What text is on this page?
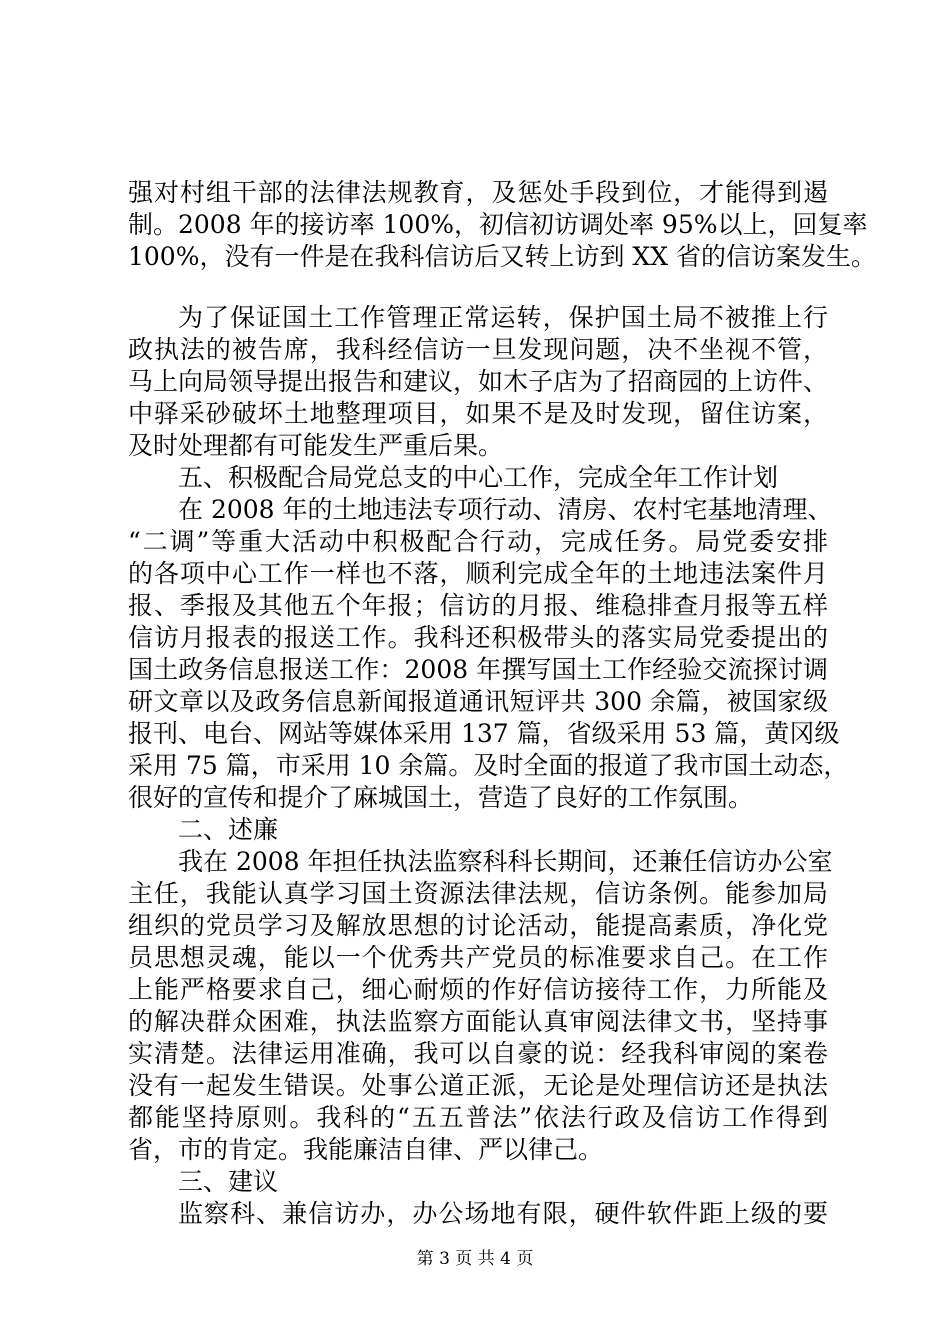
强对村组干部的法律法规教育，及惩处手段到位，才能得到遏
制。2008 年的接访率 100%，初信初访调处率 95%以上，回复率
100%，没有一件是在我科信访后又转上访到 XX 省的信访案发生。
为了保证国土工作管理正常运转，保护国土局不被推上行
政执法的被告席，我科经信访一旦发现问题，决不坐视不管，
马上向局领导提出报告和建议，如木子店为了招商园的上访件、
中驿采砂破坏土地整理项目，如果不是及时发现，留住访案，
及时处理都有可能发生严重后果。
五、积极配合局党总支的中心工作，完成全年工作计划
在 2008 年的土地违法专项行动、清房、农村宅基地清理、
“二调”等重大活动中积极配合行动，完成任务。局党委安排
的各项中心工作一样也不落，顺利完成全年的土地违法案件月
报、季报及其他五个年报；信访的月报、维稳排查月报等五样
信访月报表的报送工作。我科还积极带头的落实局党委提出的
国土政务信息报送工作：2008 年撰写国土工作经验交流探讨调
研文章以及政务信息新闻报道通讯短评共 300 余篇，被国家级
报刊、电台、网站等媒体采用 137 篇，省级采用 53 篇，黄冈级
采用 75 篇，市采用 10 余篇。及时全面的报道了我市国土动态，
很好的宣传和提介了麻城国土，营造了良好的工作氛围。
二、述廉
我在 2008 年担任执法监察科科长期间，还兼任信访办公室
主任，我能认真学习国土资源法律法规，信访条例。能参加局
组织的党员学习及解放思想的讨论活动，能提高素质，净化党
员思想灵魂，能以一个优秀共产党员的标准要求自己。在工作
上能严格要求自己，细心耐烦的作好信访接待工作，力所能及
的解决群众困难，执法监察方面能认真审阅法律文书，坚持事
实清楚。法律运用准确，我可以自豪的说：经我科审阅的案卷
没有一起发生错误。处事公道正派，无论是处理信访还是执法
都能坚持原则。我科的“五五普法”依法行政及信访工作得到
省，市的肯定。我能廉洁自律、严以律己。
三、建议
监察科、兼信访办，办公场地有限，硬件软件距上级的要
第 3 页 共 4 页
